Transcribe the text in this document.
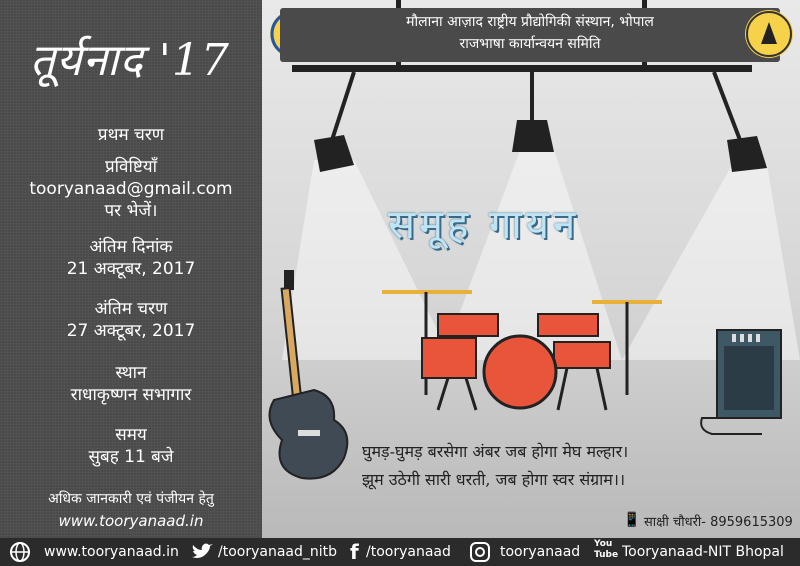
तूर्यनाद '17
प्रथम चरण
प्रविष्टियाँ
tooryanaad@gmail.com
पर भेजें।
अंतिम दिनांक
21 अक्टूबर, 2017
अंतिम चरण
27 अक्टूबर, 2017
स्थान
राधाकृष्णन सभागार
समय
सुबह 11 बजे
अधिक जानकारी एवं पंजीयन हेतु
www.tooryanaad.in
मौलाना आज़ाद राष्ट्रीय प्रौद्योगिकी संस्थान, भोपाल
राजभाषा कार्यान्वयन समिति
समूह गायन
घुमड़-घुमड़ बरसेगा अंबर जब होगा मेघ मल्हार।
झूम उठेगी सारी धरती, जब होगा स्वर संग्राम।।
📱 साक्षी चौधरी- 8959615309
www.tooryanaad.in	/tooryanaad_nitb f /tooryanaad	tooryanaad You
Tube Tooryanaad-NIT Bhopal
